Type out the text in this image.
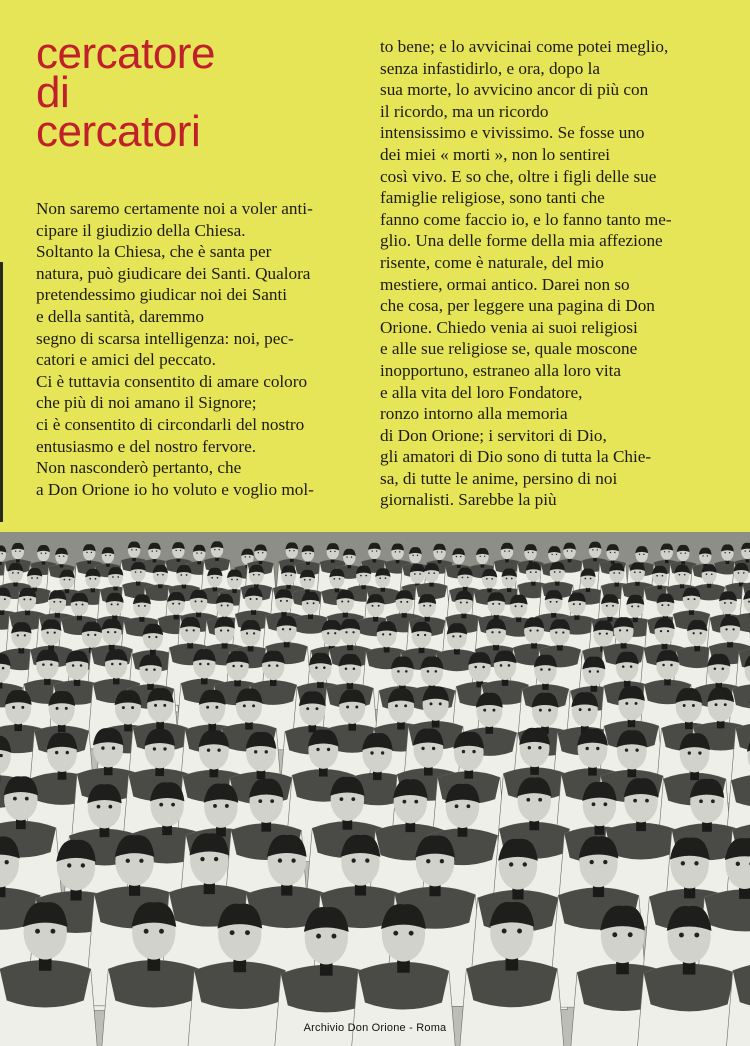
cercatore
di
cercatori
Non saremo certamente noi a voler anti-
cipare il giudizio della Chiesa.
Soltanto la Chiesa, che è santa per
natura, può giudicare dei Santi. Qualora
pretendessimo giudicar noi dei Santi
e della santità, daremmo
segno di scarsa intelligenza: noi, pec-
catori e amici del peccato.
Ci è tuttavia consentito di amare coloro
che più di noi amano il Signore;
ci è consentito di circondarli del nostro
entusiasmo e del nostro fervore.
Non nasconderò pertanto, che
a Don Orione io ho voluto e voglio mol-
to bene; e lo avvicinai come potei meglio,
senza infastidirlo, e ora, dopo la
sua morte, lo avvicino ancor di più con
il ricordo, ma un ricordo
intensissimo e vivissimo. Se fosse uno
dei miei « morti », non lo sentirei
così vivo. E so che, oltre i figli delle sue
famiglie religiose, sono tanti che
fanno come faccio io, e lo fanno tanto me-
glio. Una delle forme della mia affezione
risente, come è naturale, del mio
mestiere, ormai antico. Darei non so
che cosa, per leggere una pagina di Don
Orione. Chiedo venia ai suoi religiosi
e alle sue religiose se, quale moscone
inopportuno, estraneo alla loro vita
e alla vita del loro Fondatore,
ronzo intorno alla memoria
di Don Orione; i servitori di Dio,
gli amatori di Dio sono di tutta la Chie-
sa, di tutte le anime, persino di noi
giornalisti. Sarebbe la più
Archivio Don Orione - Roma
